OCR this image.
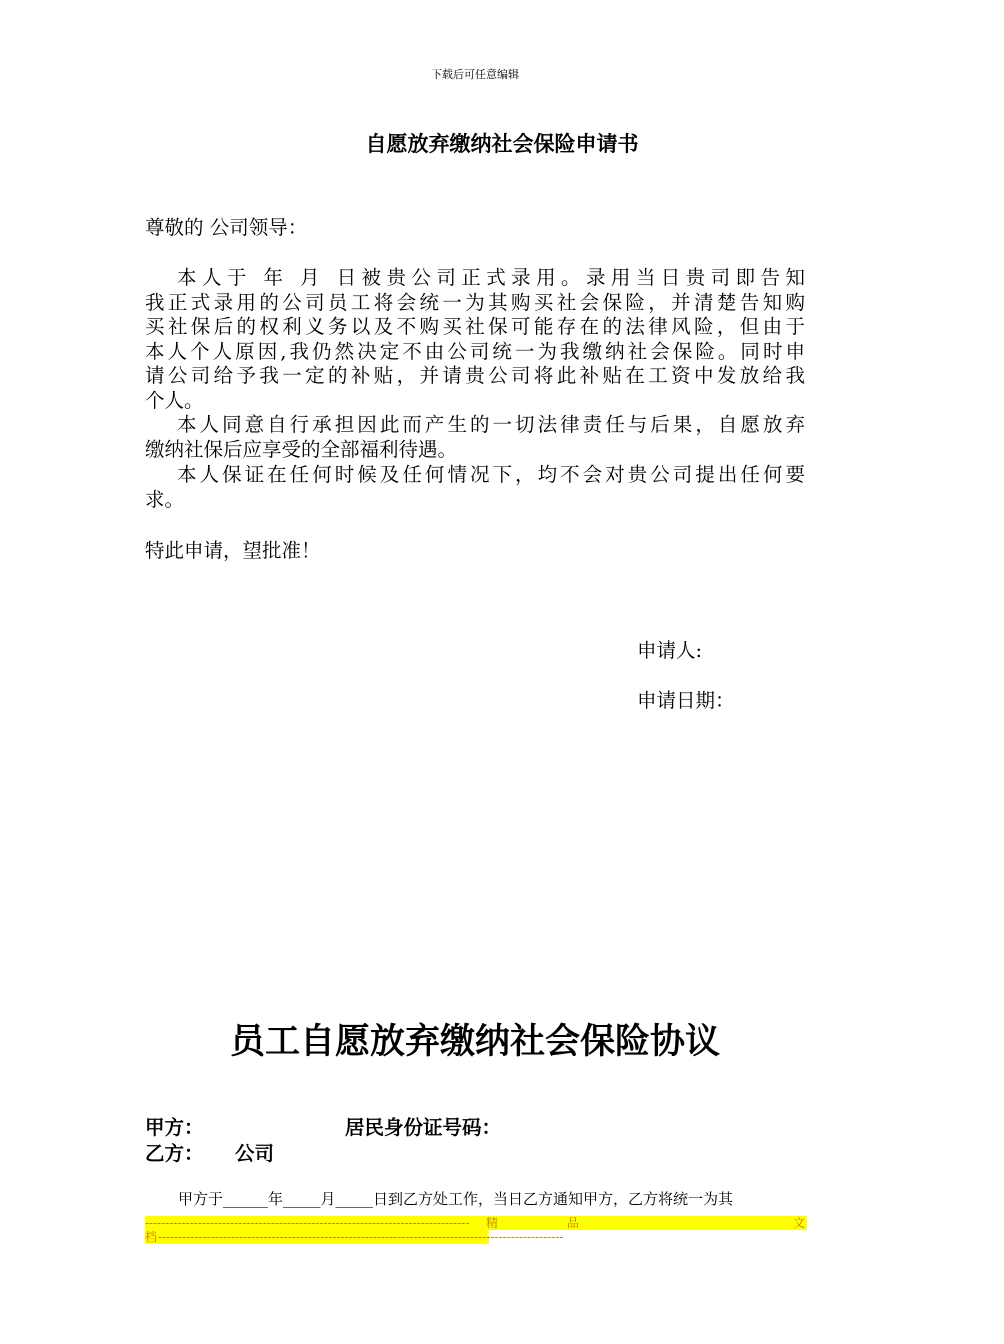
下载后可任意编辑
自愿放弃缴纳社会保险申请书
尊敬的 公司领导：
本人于 年 月 日被贵公司正式录用。录用当日贵司即告知
我正式录用的公司员工将会统一为其购买社会保险，并清楚告知购
买社保后的权利义务以及不购买社保可能存在的法律风险，但由于
本人个人原因,我仍然决定不由公司统一为我缴纳社会保险。同时申
请公司给予我一定的补贴，并请贵公司将此补贴在工资中发放给我
个人。
本人同意自行承担因此而产生的一切法律责任与后果，自愿放弃
缴纳社保后应享受的全部福利待遇。
本人保证在任何时候及任何情况下，均不会对贵公司提出任何要
求。
特此申请，望批准！
申请人:
申请日期：
员工自愿放弃缴纳社会保险协议
甲方：	居民身份证号码：
乙方： 公司
甲方于______年_____月_____日到乙方处工作，当日乙方通知甲方，乙方将统一为其
-------------------------------------------------------------------------------- 精	品	文
档 ----------------------------------------------------------------------------------------------------
